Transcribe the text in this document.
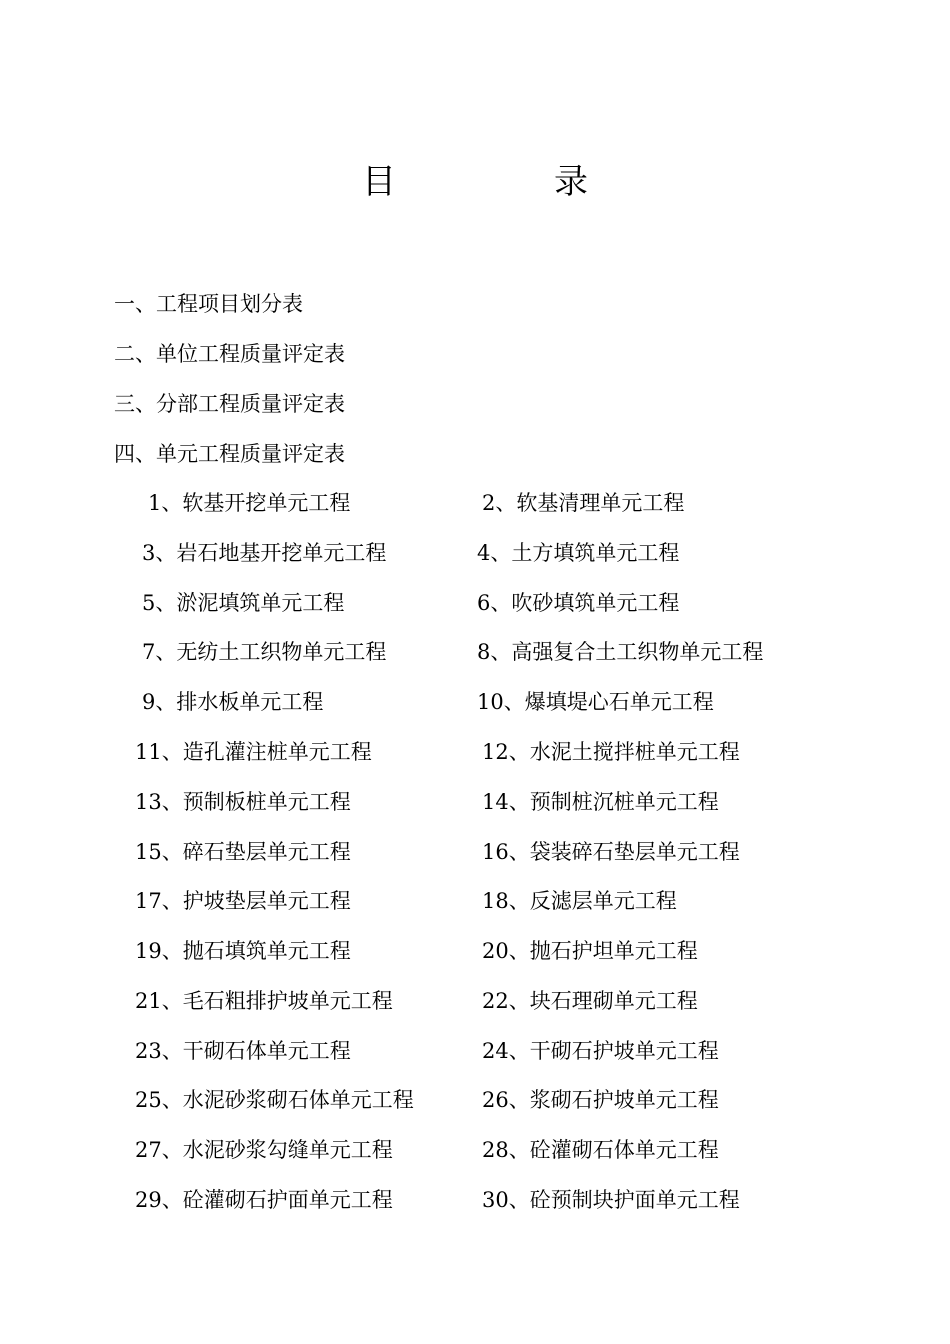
目	录
一、工程项目划分表
二、单位工程质量评定表
三、分部工程质量评定表
四、单元工程质量评定表
1、软基开挖单元工程	2、软基清理单元工程
3、岩石地基开挖单元工程	4、土方填筑单元工程
5、淤泥填筑单元工程	6、吹砂填筑单元工程
7、无纺土工织物单元工程	8、高强复合土工织物单元工程
9、排水板单元工程	10、爆填堤心石单元工程
11、造孔灌注桩单元工程	12、水泥土搅拌桩单元工程
13、预制板桩单元工程	14、预制桩沉桩单元工程
15、碎石垫层单元工程	16、袋装碎石垫层单元工程
17、护坡垫层单元工程	18、反滤层单元工程
19、抛石填筑单元工程	20、抛石护坦单元工程
21、毛石粗排护坡单元工程	22、块石理砌单元工程
23、干砌石体单元工程	24、干砌石护坡单元工程
25、水泥砂浆砌石体单元工程	26、浆砌石护坡单元工程
27、水泥砂浆勾缝单元工程	28、砼灌砌石体单元工程
29、砼灌砌石护面单元工程	30、砼预制块护面单元工程
